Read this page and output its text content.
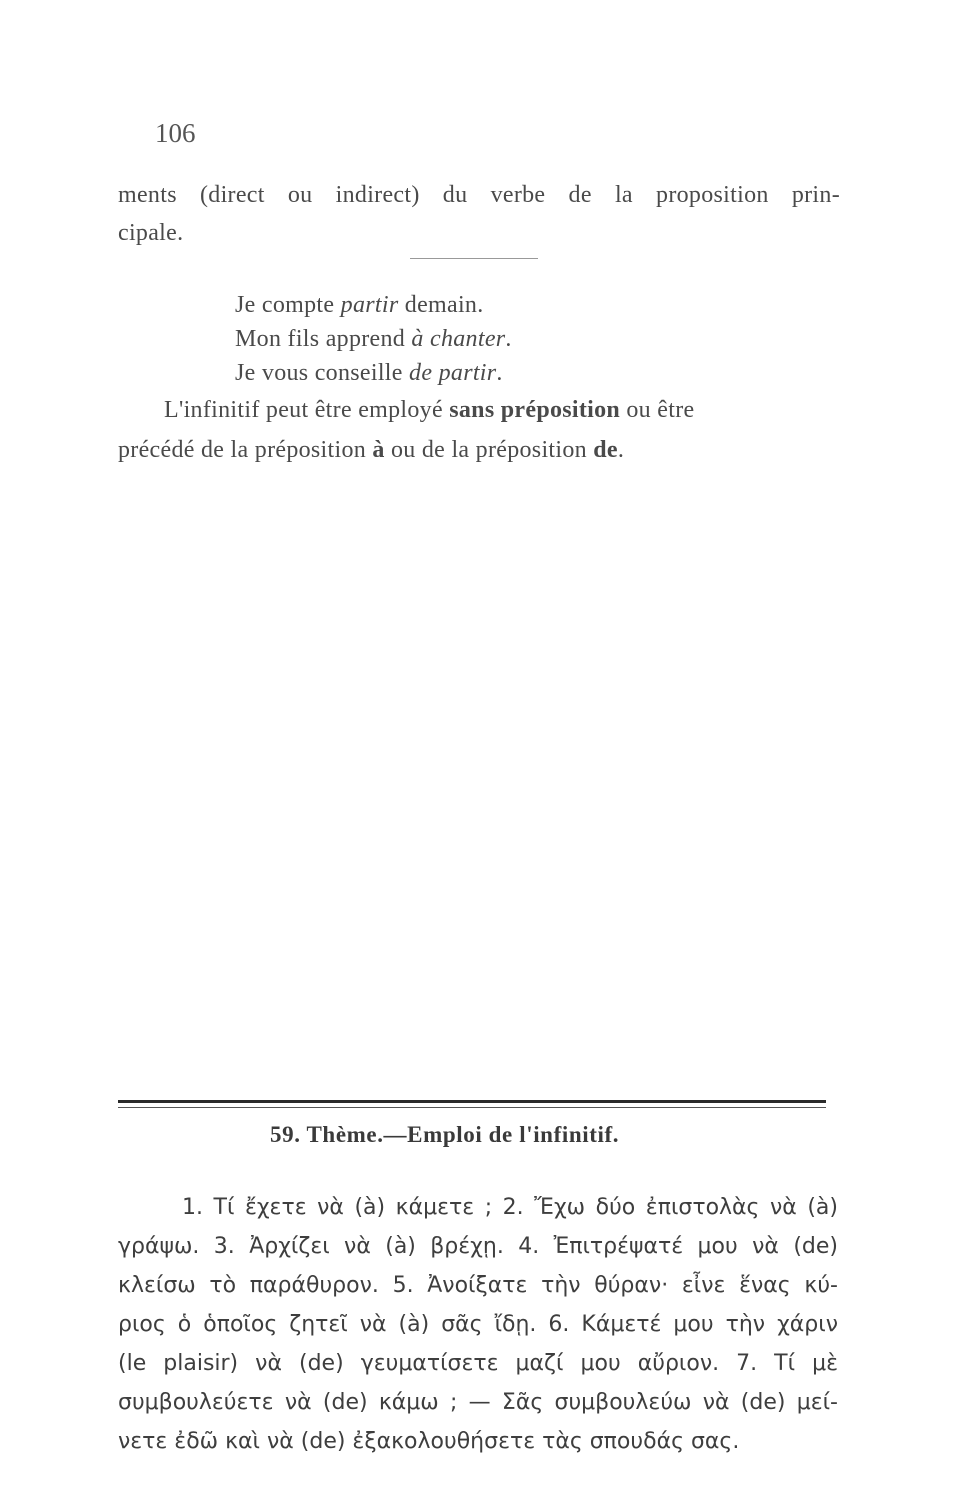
106
ments (direct ou indirect) du verbe de la proposition prin-
cipale.
Je compte partir demain.
Mon fils apprend à chanter.
Je vous conseille de partir.
L'infinitif peut être employé sans préposition ou être
précédé de la préposition à ou de la préposition de.
59. Thème.—Emploi de l'infinitif.
1. Τί ἔχετε νὰ (à) κάμετε ; 2. Ἔχω δύο ἐπιστολὰς νὰ (à)
γράψω. 3. Ἀρχίζει νὰ (à) βρέχῃ. 4. Ἐπιτρέψατέ μου νὰ (de)
κλείσω τὸ παράθυρον. 5. Ἀνοίξατε τὴν θύραν· εἶνε ἕνας κύ-
ριος ὁ ὁποῖος ζητεῖ νὰ (à) σᾶς ἴδῃ. 6. Κάμετέ μου τὴν χάριν
(le plaisir) νὰ (de) γευματίσετε μαζί μου αὔριον. 7. Τί μὲ
συμβουλεύετε νὰ (de) κάμω ; — Σᾶς συμβουλεύω νὰ (de) μεί-
νετε ἐδῶ καὶ νὰ (de) ἐξακολουθήσετε τὰς σπουδάς σας.
